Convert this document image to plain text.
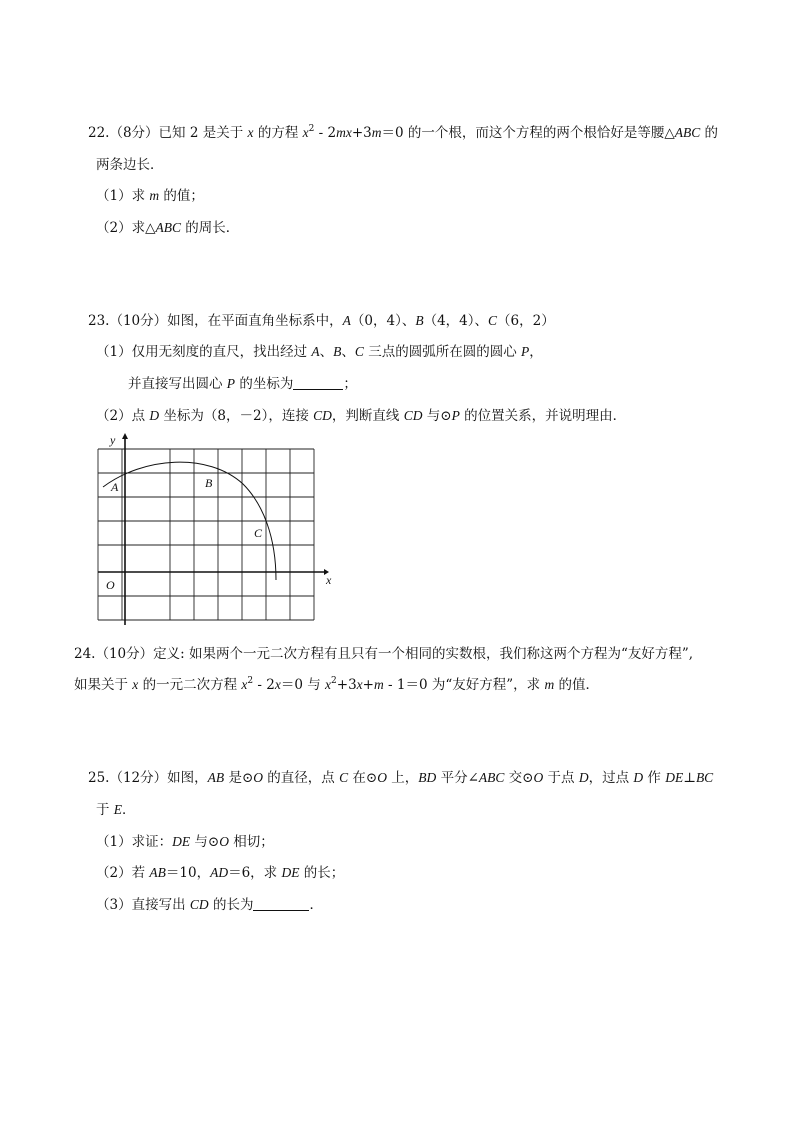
22.（8分）已知 2 是关于 x 的方程 $x^2 - 2mx+3m=0$ 的一个根，而这个方程的两个根恰好是等腰△ABC 的
两条边长．
（1）求 m 的值；
（2）求△ABC 的周长．
23.（10分）如图，在平面直角坐标系中，A（0，4）、B（4，4）、C（6，2）
（1）仅用无刻度的直尺，找出经过 A、B、C 三点的圆弧所在圆的圆心 P，
并直接写出圆心 P 的坐标为	；
（2）点 D 坐标为（8，－2），连接 CD，判断直线 CD 与⊙P 的位置关系，并说明理由．
y
x
O
A	B
C
24.（10分）定义: 如果两个一元二次方程有且只有一个相同的实数根，我们称这两个方程为“友好方程”,
如果关于 x 的一元二次方程 $x^2 - 2x=0$ 与 $x^2+3x+m - 1=0$ 为“友好方程”，求 m 的值．
25.（12分）如图，AB 是⊙O 的直径，点 C 在⊙O 上，BD 平分∠ABC 交⊙O 于点 D，过点 D 作 DE⊥BC
于 E．
（1）求证：DE 与⊙O 相切；
（2）若 AB＝10，AD＝6，求 DE 的长；
（3）直接写出 CD 的长为	．
